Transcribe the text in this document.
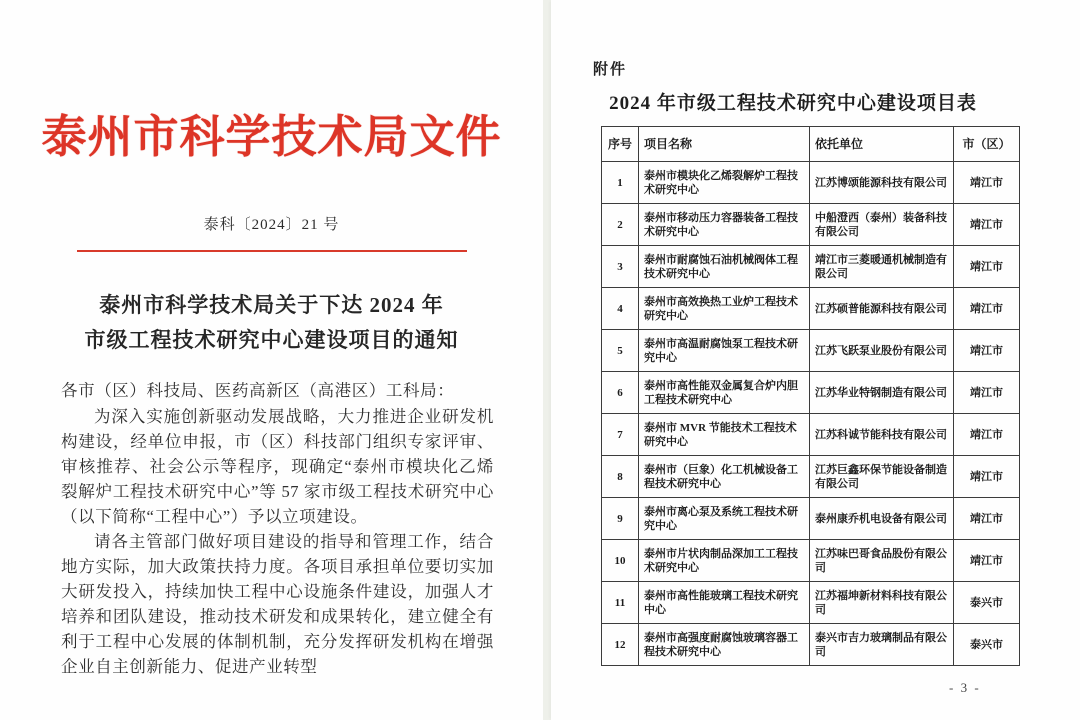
泰州市科学技术局文件
泰科〔2024〕21 号
泰州市科学技术局关于下达 2024 年
市级工程技术研究中心建设项目的通知

各市（区）科技局、医药高新区（高港区）工科局：

为深入实施创新驱动发展战略，大力推进企业研发机构建设，经单位申报，市（区）科技部门组织专家评审、审核推荐、社会公示等程序，现确定“泰州市模块化乙烯裂解炉工程技术研究中心”等 57 家市级工程技术研究中心（以下简称“工程中心”）予以立项建设。

请各主管部门做好项目建设的指导和管理工作，结合地方实际，加大政策扶持力度。各项目承担单位要切实加大研发投入，持续加快工程中心设施条件建设，加强人才培养和团队建设，推动技术研发和成果转化，建立健全有利于工程中心发展的体制机制，充分发挥研发机构在增强企业自主创新能力、促进产业转型

附件
2024 年市级工程技术研究中心建设项目表
序号	项目名称	依托单位	市（区）
1	泰州市模块化乙烯裂解炉工程技术研究中心	江苏博颂能源科技有限公司	靖江市
2	泰州市移动压力容器装备工程技术研究中心	中船澄西（泰州）装备科技有限公司	靖江市
3	泰州市耐腐蚀石油机械阀体工程技术研究中心	靖江市三菱暖通机械制造有限公司	靖江市
4	泰州市高效换热工业炉工程技术研究中心	江苏硕普能源科技有限公司	靖江市
5	泰州市高温耐腐蚀泵工程技术研究中心	江苏飞跃泵业股份有限公司	靖江市
6	泰州市高性能双金属复合炉内胆工程技术研究中心	江苏华业特钢制造有限公司	靖江市
7	泰州市 MVR 节能技术工程技术研究中心	江苏科诚节能科技有限公司	靖江市
8	泰州市（巨象）化工机械设备工程技术研究中心	江苏巨鑫环保节能设备制造有限公司	靖江市
9	泰州市离心泵及系统工程技术研究中心	泰州康乔机电设备有限公司	靖江市
10	泰州市片状肉制品深加工工程技术研究中心	江苏味巴哥食品股份有限公司	靖江市
11	泰州市高性能玻璃工程技术研究中心	江苏福坤新材料科技有限公司	泰兴市
12	泰州市高强度耐腐蚀玻璃容器工程技术研究中心	泰兴市吉力玻璃制品有限公司	泰兴市
- 3 -
